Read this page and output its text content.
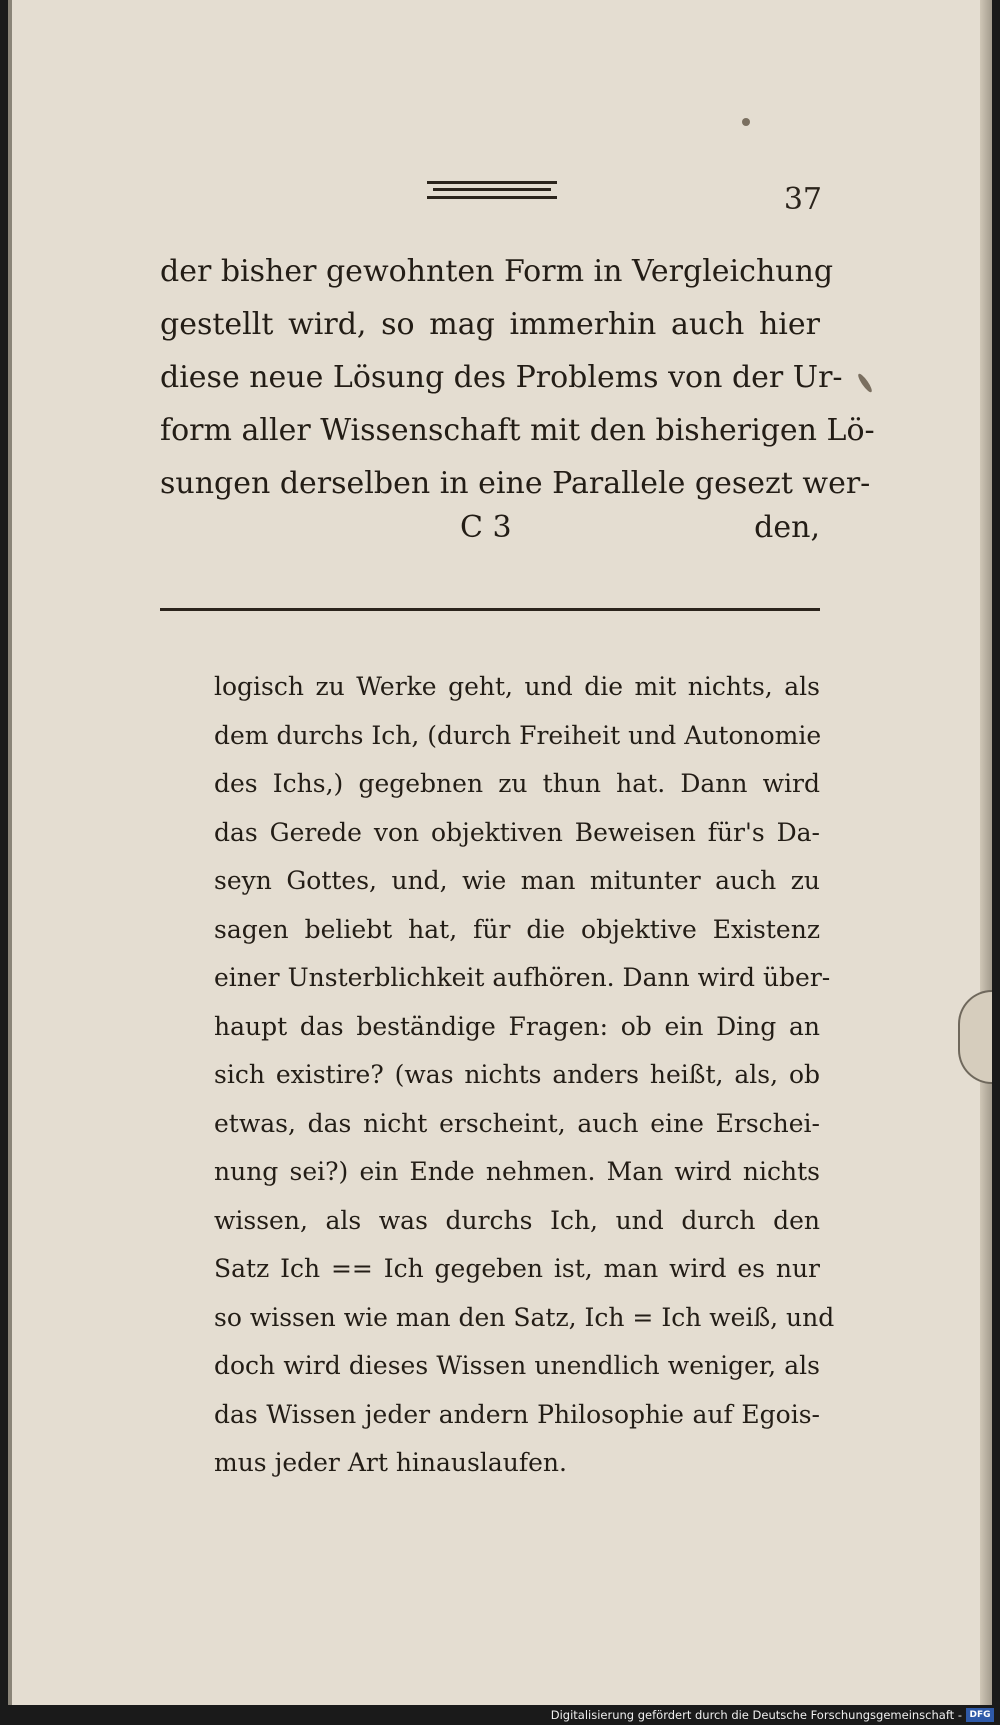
37
der bisher gewohnten Form in Vergleichung
gestellt wird, so mag immerhin auch hier
diese neue Lösung des Problems von der Ur-
form aller Wissenschaft mit den bisherigen Lö-
sungen derselben in eine Parallele gesezt wer-
C 3	den,
logisch zu Werke geht, und die mit nichts, als
dem durchs Ich, (durch Freiheit und Autonomie
des Ichs,) gegebnen zu thun hat. Dann wird
das Gerede von objektiven Beweisen für's Da-
seyn Gottes, und, wie man mitunter auch zu
sagen beliebt hat, für die objektive Existenz
einer Unsterblichkeit aufhören. Dann wird über-
haupt das beständige Fragen: ob ein Ding an
sich existire? (was nichts anders heißt, als, ob
etwas, das nicht erscheint, auch eine Erschei-
nung sei?) ein Ende nehmen. Man wird nichts
wissen, als was durchs Ich, und durch den
Satz Ich == Ich gegeben ist, man wird es nur
so wissen wie man den Satz, Ich = Ich weiß, und
doch wird dieses Wissen unendlich weniger, als
das Wissen jeder andern Philosophie auf Egois-
mus jeder Art hinauslaufen.
Digitalisierung gefördert durch die Deutsche Forschungsgemeinschaft - DFG
